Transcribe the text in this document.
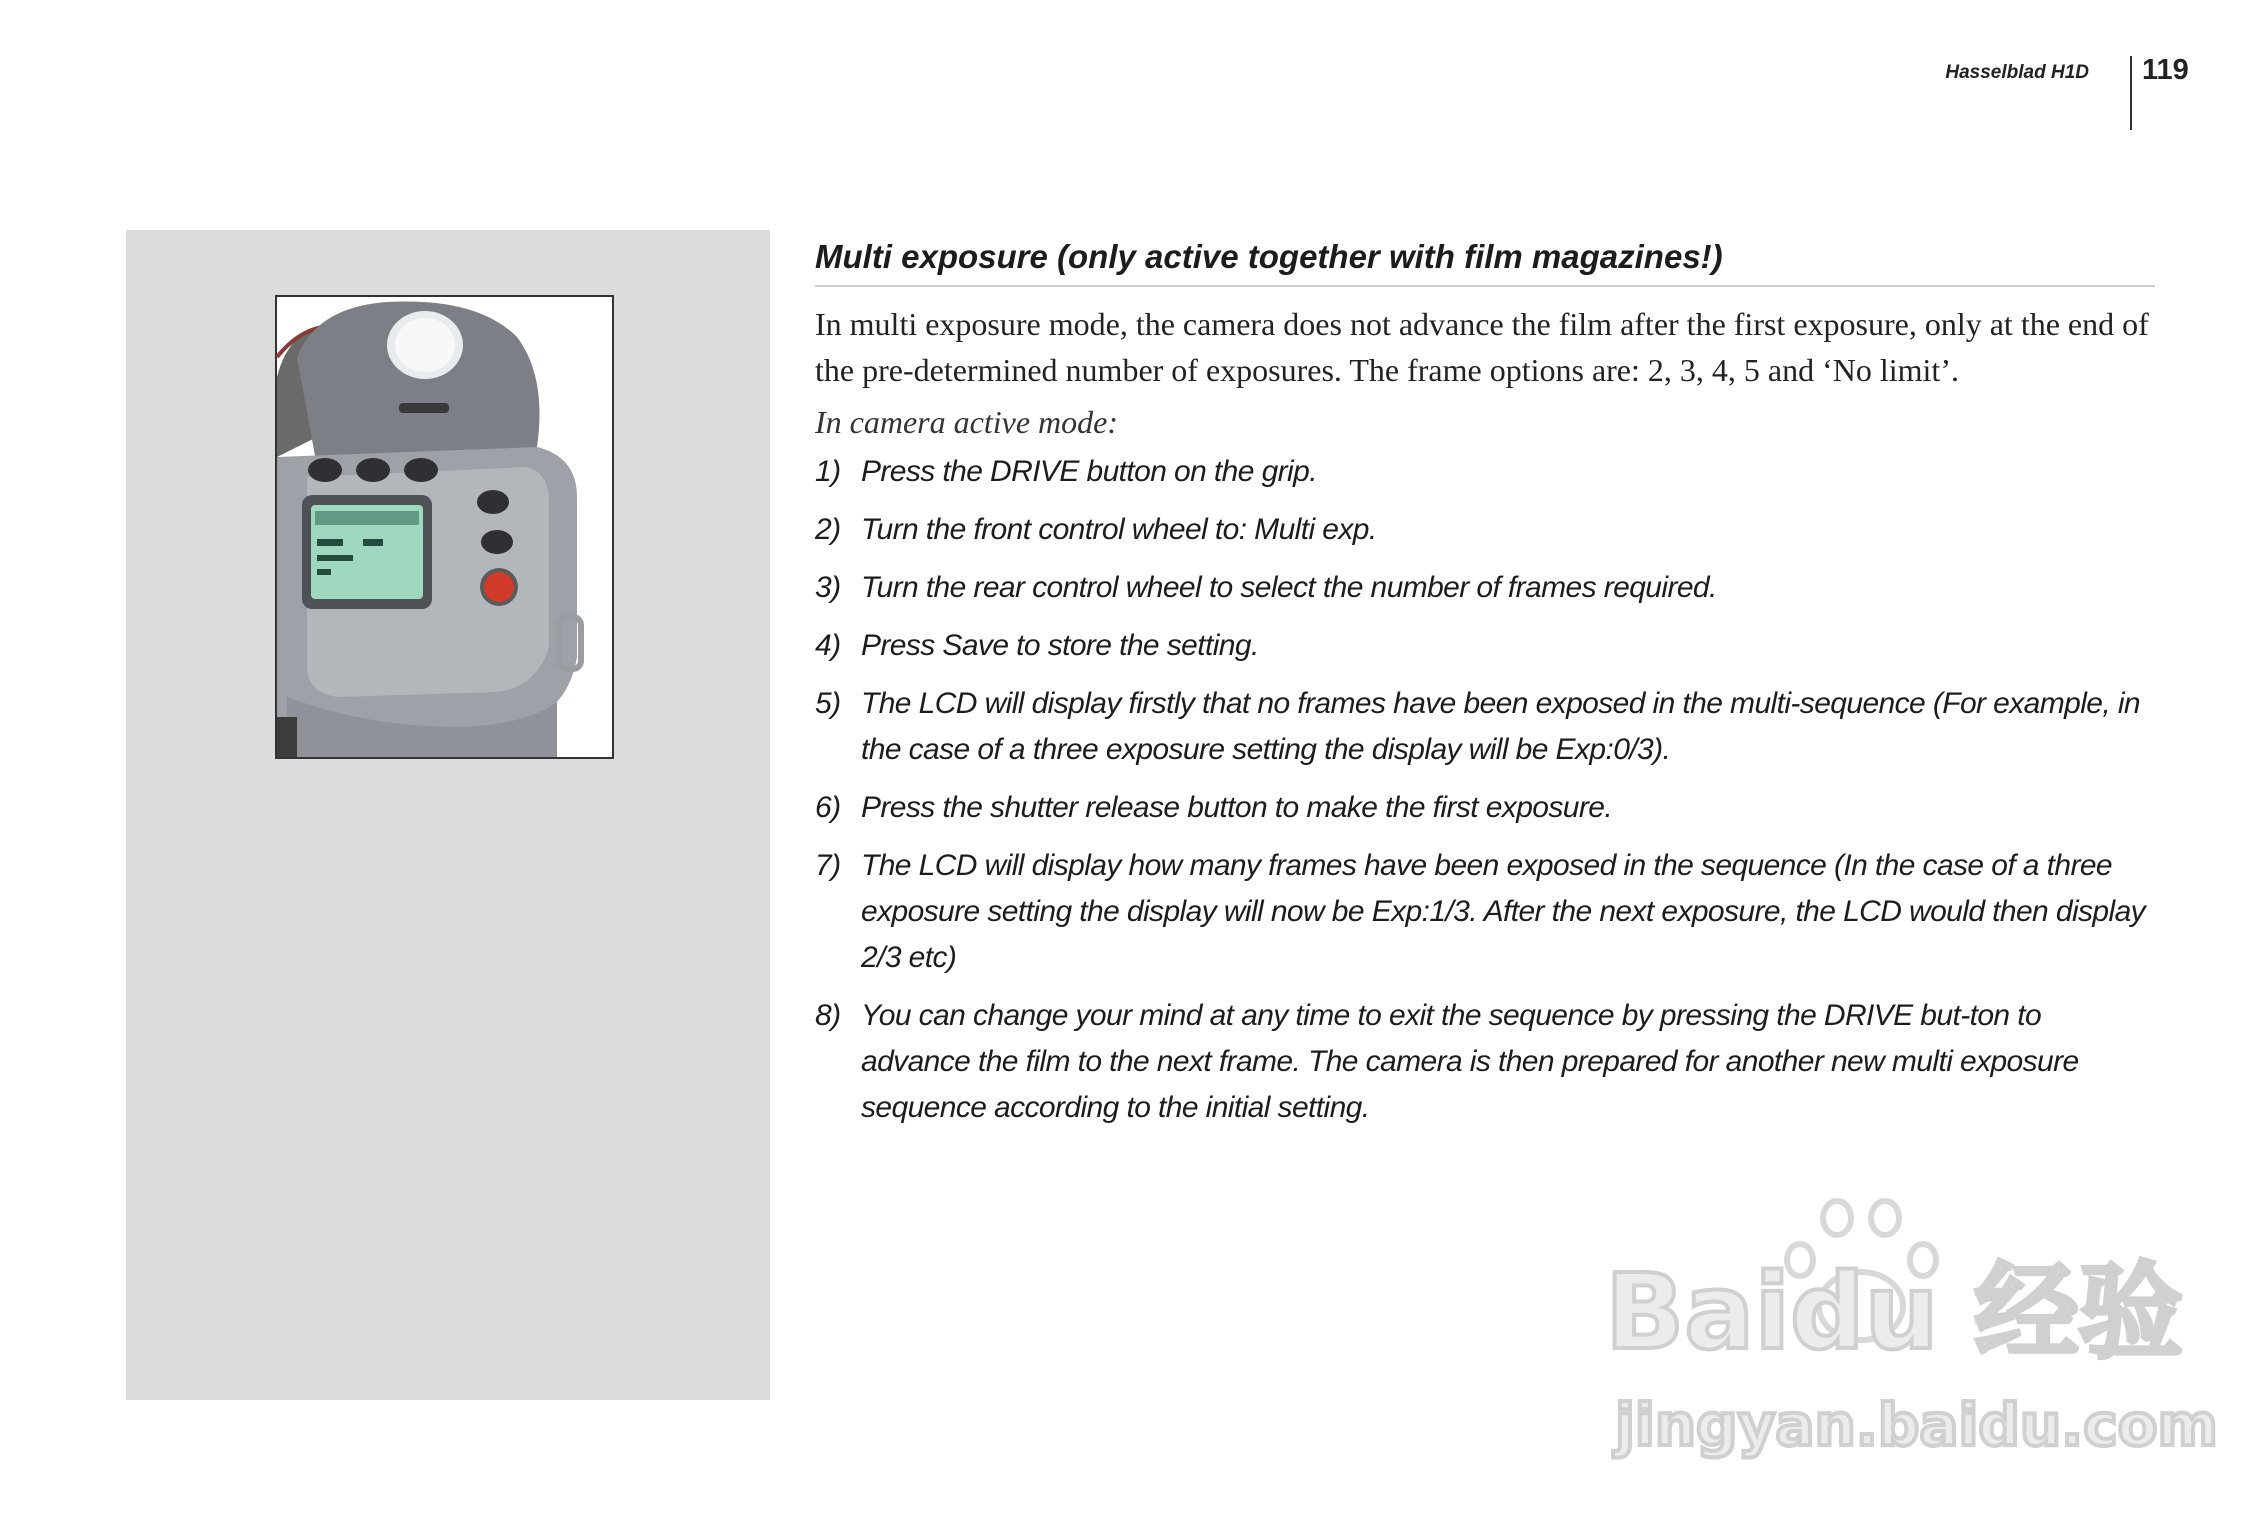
Hasselblad H1D 119
Multi exposure (only active together with film magazines!)

In multi exposure mode, the camera does not advance the film after the first exposure, only at the end of the pre-determined number of exposures. The frame options are: 2, 3, 4, 5 and ‘No limit’.

In camera active mode:

1) Press the DRIVE button on the grip.
2) Turn the front control wheel to: Multi exp.
3) Turn the rear control wheel to select the number of frames required.
4) Press Save to store the setting.
5) The LCD will display firstly that no frames have been exposed in the multi-sequence (For example, in the case of a three exposure setting the display will be Exp:0/3).
6) Press the shutter release button to make the first exposure.
7) The LCD will display how many frames have been exposed in the sequence (In the case of a three exposure setting the display will now be Exp:1/3. After the next exposure, the LCD would then display 2/3 etc)
8) You can change your mind at any time to exit the sequence by pressing the DRIVE but-ton to advance the film to the next frame. The camera is then prepared for another new multi exposure sequence according to the initial setting.
Baidu 经验
jingyan.baidu.com
